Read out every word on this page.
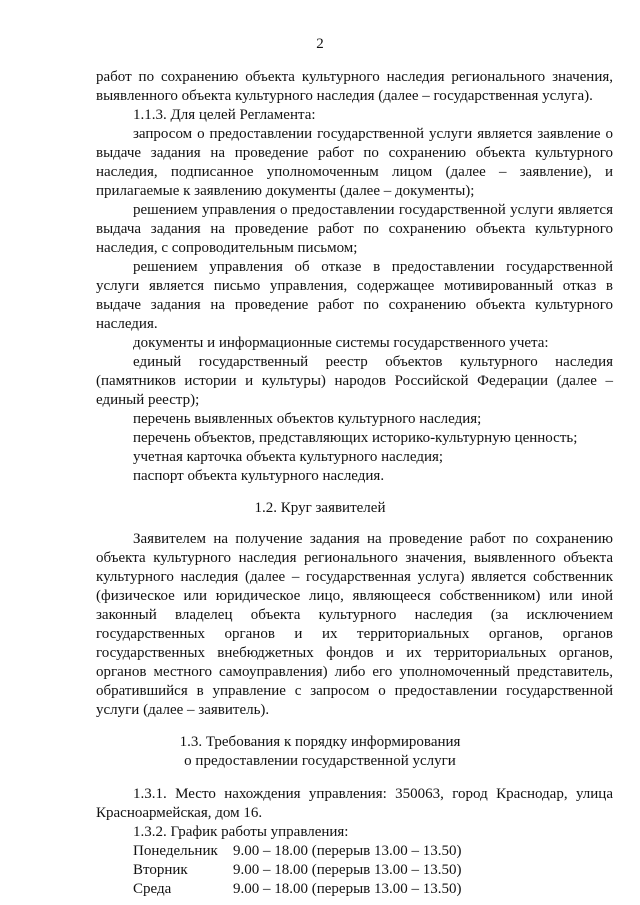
2
работ по сохранению объекта культурного наследия регионального значения,
выявленного объекта культурного наследия (далее – государственная услуга).
1.1.3. Для целей Регламента:
запросом о предоставлении государственной услуги является заявление о
выдаче задания на проведение работ по сохранению объекта культурного
наследия, подписанное уполномоченным лицом (далее – заявление), и
прилагаемые к заявлению документы (далее – документы);
решением управления о предоставлении государственной услуги является
выдача задания на проведение работ по сохранению объекта культурного
наследия, с сопроводительным письмом;
решением управления об отказе в предоставлении государственной
услуги является письмо управления, содержащее мотивированный отказ в
выдаче задания на проведение работ по сохранению объекта культурного
наследия.
документы и информационные системы государственного учета:
единый государственный реестр объектов культурного наследия
(памятников истории и культуры) народов Российской Федерации (далее –
единый реестр);
перечень выявленных объектов культурного наследия;
перечень объектов, представляющих историко-культурную ценность;
учетная карточка объекта культурного наследия;
паспорт объекта культурного наследия.
1.2. Круг заявителей
Заявителем на получение задания на проведение работ по сохранению
объекта культурного наследия регионального значения, выявленного объекта
культурного наследия (далее – государственная услуга) является собственник
(физическое или юридическое лицо, являющееся собственником) или иной
законный владелец объекта культурного наследия (за исключением
государственных органов и их территориальных органов, органов
государственных внебюджетных фондов и их территориальных органов,
органов местного самоуправления) либо его уполномоченный представитель,
обратившийся в управление с запросом о предоставлении государственной
услуги (далее – заявитель).
1.3. Требования к порядку информирования
о предоставлении государственной услуги
1.3.1. Место нахождения управления: 350063, город Краснодар, улица
Красноармейская, дом 16.
1.3.2. График работы управления:
Понедельник 9.00 – 18.00 (перерыв 13.00 – 13.50)
Вторник	9.00 – 18.00 (перерыв 13.00 – 13.50)
Среда	9.00 – 18.00 (перерыв 13.00 – 13.50)
